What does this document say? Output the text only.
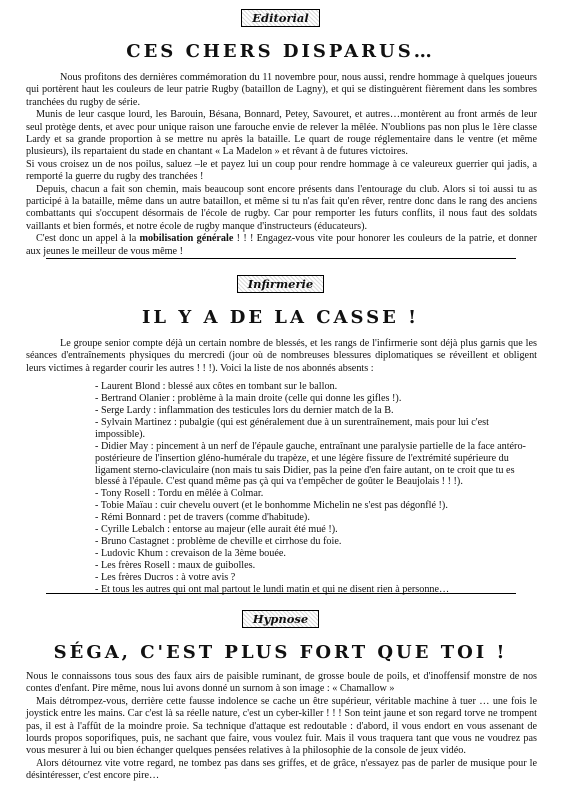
Editorial
CES CHERS DISPARUS…

Nous profitons des dernières commémoration du 11 novembre pour, nous aussi, rendre hommage à quelques joueurs qui portèrent haut les couleurs de leur patrie Rugby (bataillon de Lagny), et qui se distinguèrent fièrement dans les sombres tranchées du rugby de série.

Munis de leur casque lourd, les Barouin, Bésana, Bonnard, Petey, Savouret, et autres…montèrent au front armés de leur seul protège dents, et avec pour unique raison une farouche envie de relever la mêlée. N'oublions pas non plus le 1ère classe Lardy et sa grande proportion à se mettre nu après la bataille. Le quart de rouge réglementaire dans le ventre (et même plusieurs), ils repartaient du stade en chantant « La Madelon » et rêvant à de futures victoires.

Si vous croisez un de nos poilus, saluez –le et payez lui un coup pour rendre hommage à ce valeureux guerrier qui jadis, a remporté la guerre du rugby des tranchées !

Depuis, chacun a fait son chemin, mais beaucoup sont encore présents dans l'entourage du club. Alors si toi aussi tu as participé à la bataille, même dans un autre bataillon, et même si tu n'as fait qu'en rêver, rentre donc dans le rang des anciens combattants qui s'occupent désormais de l'école de rugby. Car pour remporter les futurs conflits, il nous faut des soldats vaillants et bien formés, et notre école de rugby manque d'instructeurs (éducateurs).

C'est donc un appel à la mobilisation générale ! ! ! Engagez-vous vite pour honorer les couleurs de la patrie, et donner aux jeunes le meilleur de vous même !

Infirmerie
IL Y A DE LA CASSE !

Le groupe senior compte déjà un certain nombre de blessés, et les rangs de l'infirmerie sont déjà plus garnis que les séances d'entraînements physiques du mercredi (jour où de nombreuses blessures diplomatiques se réveillent et obligent leurs victimes à regarder courir les autres ! ! !). Voici la liste de nos abonnés absents :

- Laurent Blond : blessé aux côtes en tombant sur le ballon.
- Bertrand Olanier : problème à la main droite (celle qui donne les gifles !).
- Serge Lardy : inflammation des testicules lors du dernier match de la B.
- Sylvain Martinez : pubalgie (qui est généralement due à un surentraînement, mais pour lui c'est impossible).
- Didier May : pincement à un nerf de l'épaule gauche, entraînant une paralysie partielle de la face antéro-postérieure de l'insertion gléno-humérale du trapèze, et une légère fissure de l'extrémité supérieure du ligament sterno-claviculaire (non mais tu sais Didier, pas la peine d'en faire autant, on te croit que tu es blessé à l'épaule. C'est quand même pas çà qui va t'empêcher de goûter le Beaujolais ! ! !).
- Tony Rosell : Tordu en mêlée à Colmar.
- Tobie Maïau : cuir chevelu ouvert (et le bonhomme Michelin ne s'est pas dégonflé !).
- Rémi Bonnard : pet de travers (comme d'habitude).
- Cyrille Lebalch : entorse au majeur (elle aurait été mué !).
- Bruno Castagnet : problème de cheville et cirrhose du foie.
- Ludovic Khum : crevaison de la 3ème bouée.
- Les frères Rosell : maux de guibolles.
- Les frères Ducros : à votre avis ?
- Et tous les autres qui ont mal partout le lundi matin et qui ne disent rien à personne…
Hypnose
SÉGA, C'EST PLUS FORT QUE TOI !

Nous le connaissons tous sous des faux airs de paisible ruminant, de grosse boule de poils, et d'inoffensif monstre de nos contes d'enfant. Pire même, nous lui avons donné un surnom à son image : « Chamallow »

Mais détrompez-vous, derrière cette fausse indolence se cache un être supérieur, véritable machine à tuer … une fois le joystick entre les mains. Car c'est là sa réelle nature, c'est un cyber-killer ! ! ! Son teint jaune et son regard torve ne trompent pas, il est à l'affût de la moindre proie. Sa technique d'attaque est redoutable : d'abord, il vous endort en vous assenant de lourds propos soporifiques, puis, ne sachant que faire, vous voulez fuir. Mais il vous traquera tant que vous ne voudrez pas vous mesurer à lui ou bien échanger quelques pensées relatives à la philosophie de la console de jeux vidéo.

Alors détournez vite votre regard, ne tombez pas dans ses griffes, et de grâce, n'essayez pas de parler de musique pour le désintéresser, c'est encore pire…
